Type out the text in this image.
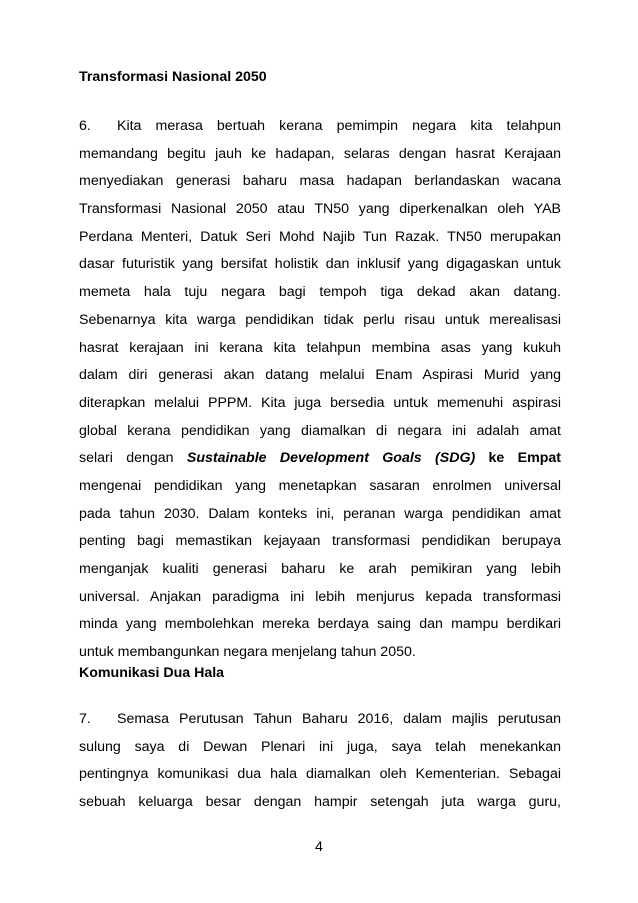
Transformasi Nasional 2050
6. Kita merasa bertuah kerana pemimpin negara kita telahpun
memandang begitu jauh ke hadapan, selaras dengan hasrat Kerajaan
menyediakan generasi baharu masa hadapan berlandaskan wacana
Transformasi Nasional 2050 atau TN50 yang diperkenalkan oleh YAB
Perdana Menteri, Datuk Seri Mohd Najib Tun Razak. TN50 merupakan
dasar futuristik yang bersifat holistik dan inklusif yang digagaskan untuk
memeta hala tuju negara bagi tempoh tiga dekad akan datang.
Sebenarnya kita warga pendidikan tidak perlu risau untuk merealisasi
hasrat kerajaan ini kerana kita telahpun membina asas yang kukuh
dalam diri generasi akan datang melalui Enam Aspirasi Murid yang
diterapkan melalui PPPM. Kita juga bersedia untuk memenuhi aspirasi
global kerana pendidikan yang diamalkan di negara ini adalah amat
selari dengan Sustainable Development Goals (SDG) ke Empat
mengenai pendidikan yang menetapkan sasaran enrolmen universal
pada tahun 2030. Dalam konteks ini, peranan warga pendidikan amat
penting bagi memastikan kejayaan transformasi pendidikan berupaya
menganjak kualiti generasi baharu ke arah pemikiran yang lebih
universal. Anjakan paradigma ini lebih menjurus kepada transformasi
minda yang membolehkan mereka berdaya saing dan mampu berdikari
untuk membangunkan negara menjelang tahun 2050.
Komunikasi Dua Hala
7. Semasa Perutusan Tahun Baharu 2016, dalam majlis perutusan
sulung saya di Dewan Plenari ini juga, saya telah menekankan
pentingnya komunikasi dua hala diamalkan oleh Kementerian. Sebagai
sebuah keluarga besar dengan hampir setengah juta warga guru,
4
